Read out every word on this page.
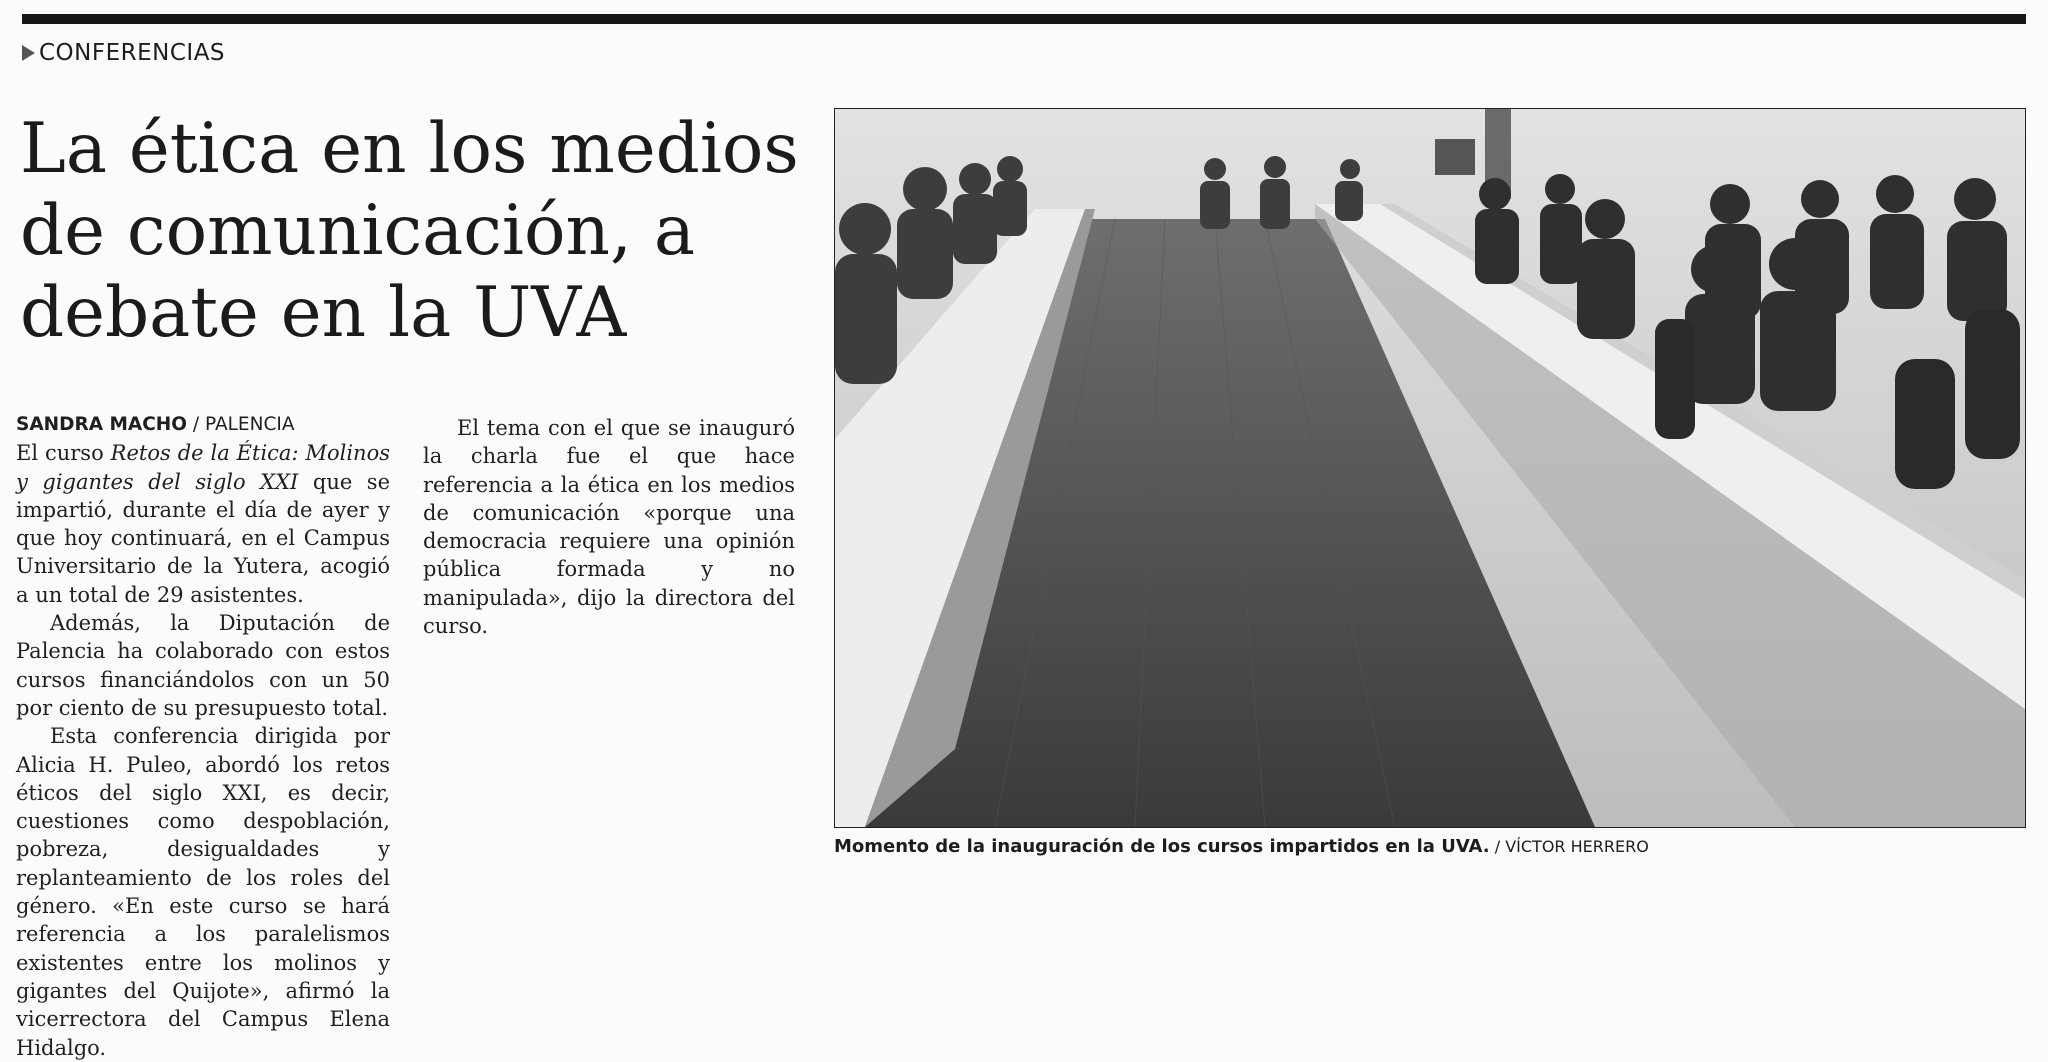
CONFERENCIAS
La ética en los medios de comunicación, a debate en la UVA
SANDRA MACHO / PALENCIA

El curso Retos de la Ética: Molinos y gigantes del siglo XXI que se impartió, durante el día de ayer y que hoy continuará, en el Campus Universitario de la Yutera, acogió a un total de 29 asistentes.

Además, la Diputación de Palencia ha colaborado con estos cursos financiándolos con un 50 por ciento de su presupuesto total.

Esta conferencia dirigida por Alicia H. Puleo, abordó los retos éticos del siglo XXI, es decir, cuestiones como despoblación, pobreza, desigualdades y replanteamiento de los roles del género. «En este curso se hará referencia a los paralelismos existentes entre los molinos y gigantes del Quijote», afirmó la vicerrectora del Campus Elena Hidalgo.

El tema con el que se inauguró la charla fue el que hace referencia a la ética en los medios de comunicación «porque una democracia requiere una opinión pública formada y no manipulada», dijo la directora del curso.

Momento de la inauguración de los cursos impartidos en la UVA. / VÍCTOR HERRERO
